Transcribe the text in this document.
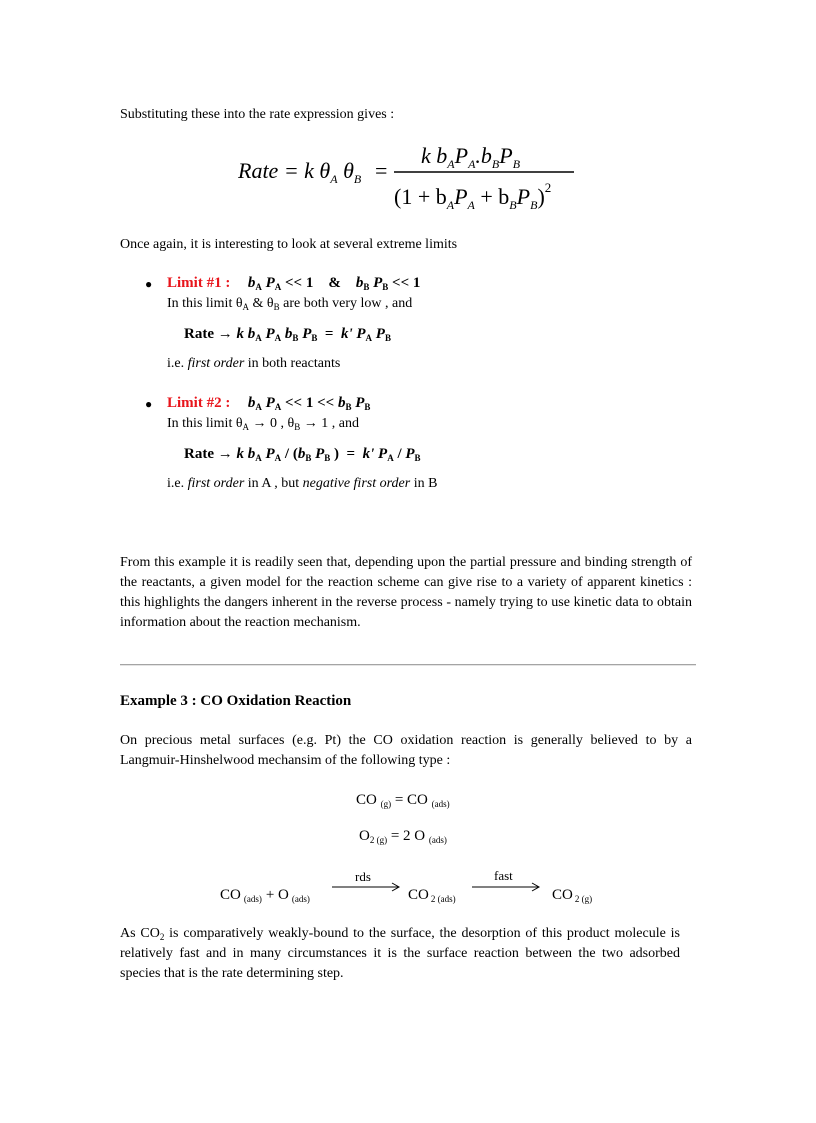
Substituting these into the rate expression gives :

Rate = k $\theta_A$ $\theta_B$ =
k $b_AP_A.b_BP_B$
$(1 + b_AP_A + b_BP_B)^2$

Once again, it is interesting to look at several extreme limits

● Limit #1 : $b_A$ $P_A << 1$    &    $b_B$ $P_B << 1$
In this limit $\theta_A$ & $\theta_B$ are both very low , and
Rate → k $b_A$ $P_A$ $b_B$ $P_B = k'$ $P_A$ $P_B$
i.e. first order in both reactants
● Limit #2 : $b_A$ $P_A << 1 << b_B$ $P_B$
In this limit $\theta_A \to 0$ , $\theta_B \to 1$ , and
Rate → k $b_A$ $P_A / (b_B$ $P_B$ )  =  k' $P_A / P_B$
i.e. first order in A , but negative first order in B

From this example it is readily seen that, depending upon the partial pressure and binding strength of the reactants, a given model for the reaction scheme can give rise to a variety of apparent kinetics : this highlights the dangers inherent in the reverse process - namely trying to use kinetic data to obtain information about the reaction mechanism.

Example 3 : CO Oxidation Reaction

On precious metal surfaces (e.g. Pt) the CO oxidation reaction is generally believed to by a Langmuir-Hinshelwood mechansim of the following type :

CO $_{(g)}$ = CO $_{(ads)}$
$O_{2 (g)} = 2$ O $_{(ads)}$
CO $_{(ads)}$ + O $_{(ads)}$
rds
CO $_{2 (ads)}$
fast
CO $_{2 (g)}$

As $CO_2$ is comparatively weakly-bound to the surface, the desorption of this product molecule is relatively fast and in many circumstances it is the surface reaction between the two adsorbed species that is the rate determining step.
